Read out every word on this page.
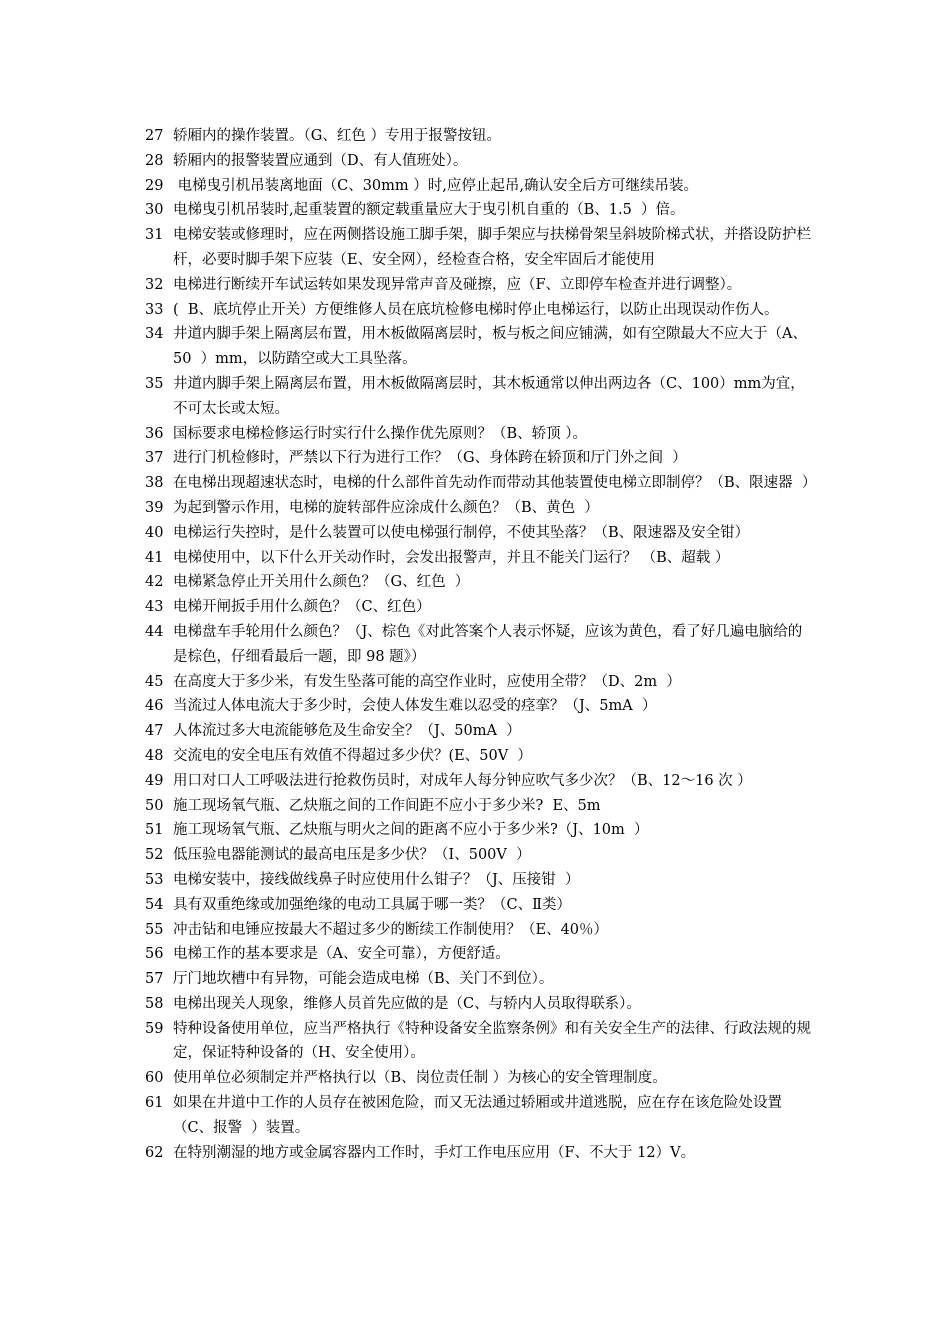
27 轿厢内的操作装置。（G、红色 ）专用于报警按钮。
28 轿厢内的报警装置应通到（D、有人值班处）。
29 电梯曳引机吊装离地面（C、30mm ）时,应停止起吊,确认安全后方可继续吊装。
30 电梯曳引机吊装时,起重装置的额定载重量应大于曳引机自重的（B、1.5  ）倍。
31 电梯安装或修理时，应在两侧搭设施工脚手架，脚手架应与扶梯骨架呈斜坡阶梯式状，并搭设防护栏杆，必要时脚手架下应装（E、安全网），经检查合格，安全牢固后才能使用
32 电梯进行断续开车试运转如果发现异常声音及碰擦，应（F、立即停车检查并进行调整）。
33 (  B、底坑停止开关）方便维修人员在底坑检修电梯时停止电梯运行，以防止出现误动作伤人。
34 井道内脚手架上隔离层布置，用木板做隔离层时，板与板之间应铺满，如有空隙最大不应大于（A、50  ）mm，以防踏空或大工具坠落。
35 井道内脚手架上隔离层布置，用木板做隔离层时，其木板通常以伸出两边各（C、100）mm为宜，不可太长或太短。
36 国标要求电梯检修运行时实行什么操作优先原则？（B、轿顶 ）。
37 进行门机检修时，严禁以下行为进行工作？（G、身体跨在轿顶和厅门外之间  ）
38 在电梯出现超速状态时，电梯的什么部件首先动作而带动其他装置使电梯立即制停？（B、限速器  ）
39 为起到警示作用，电梯的旋转部件应涂成什么颜色？（B、黄色  ）
40 电梯运行失控时，是什么装置可以使电梯强行制停，不使其坠落？（B、限速器及安全钳）
41 电梯使用中，以下什么开关动作时，会发出报警声，并且不能关门运行？ （B、超载 ）
42 电梯紧急停止开关用什么颜色？（G、红色  ）
43 电梯开闸扳手用什么颜色？（C、红色）
44 电梯盘车手轮用什么颜色？（J、棕色《对此答案个人表示怀疑，应该为黄色，看了好几遍电脑给的 是棕色，仔细看最后一题，即 98 题》）
45 在高度大于多少米，有发生坠落可能的高空作业时，应使用全带？（D、2m  ）
46 当流过人体电流大于多少时，会使人体发生难以忍受的痉挛？（J、5mA  ）
47 人体流过多大电流能够危及生命安全？（J、50mA  ）
48 交流电的安全电压有效值不得超过多少伏？(E、50V  ）
49 用口对口人工呼吸法进行抢救伤员时，对成年人每分钟应吹气多少次？（B、12～16 次 ）
50 施工现场氧气瓶、乙炔瓶之间的工作间距不应小于多少米?  E、5m
51 施工现场氧气瓶、乙炔瓶与明火之间的距离不应小于多少米?（J、10m  ）
52 低压验电器能测试的最高电压是多少伏？（I、500V  ）
53 电梯安装中，接线做线鼻子时应使用什么钳子？（J、压接钳  ）
54 具有双重绝缘或加强绝缘的电动工具属于哪一类？（C、Ⅱ类）
55 冲击钻和电锤应按最大不超过多少的断续工作制使用？（E、40％）
56 电梯工作的基本要求是（A、安全可靠），方便舒适。
57 厅门地坎槽中有异物，可能会造成电梯（B、关门不到位）。
58 电梯出现关人现象，维修人员首先应做的是（C、与轿内人员取得联系）。
59 特种设备使用单位，应当严格执行《特种设备安全监察条例》和有关安全生产的法律、行政法规的规定，保证特种设备的（H、安全使用）。
60 使用单位必须制定并严格执行以（B、岗位责任制 ）为核心的安全管理制度。
61 如果在井道中工作的人员存在被困危险，而又无法通过轿厢或井道逃脱，应在存在该危险处设置（C、报警  ）装置。
62 在特别潮湿的地方或金属容器内工作时，手灯工作电压应用（F、不大于 12）V。
